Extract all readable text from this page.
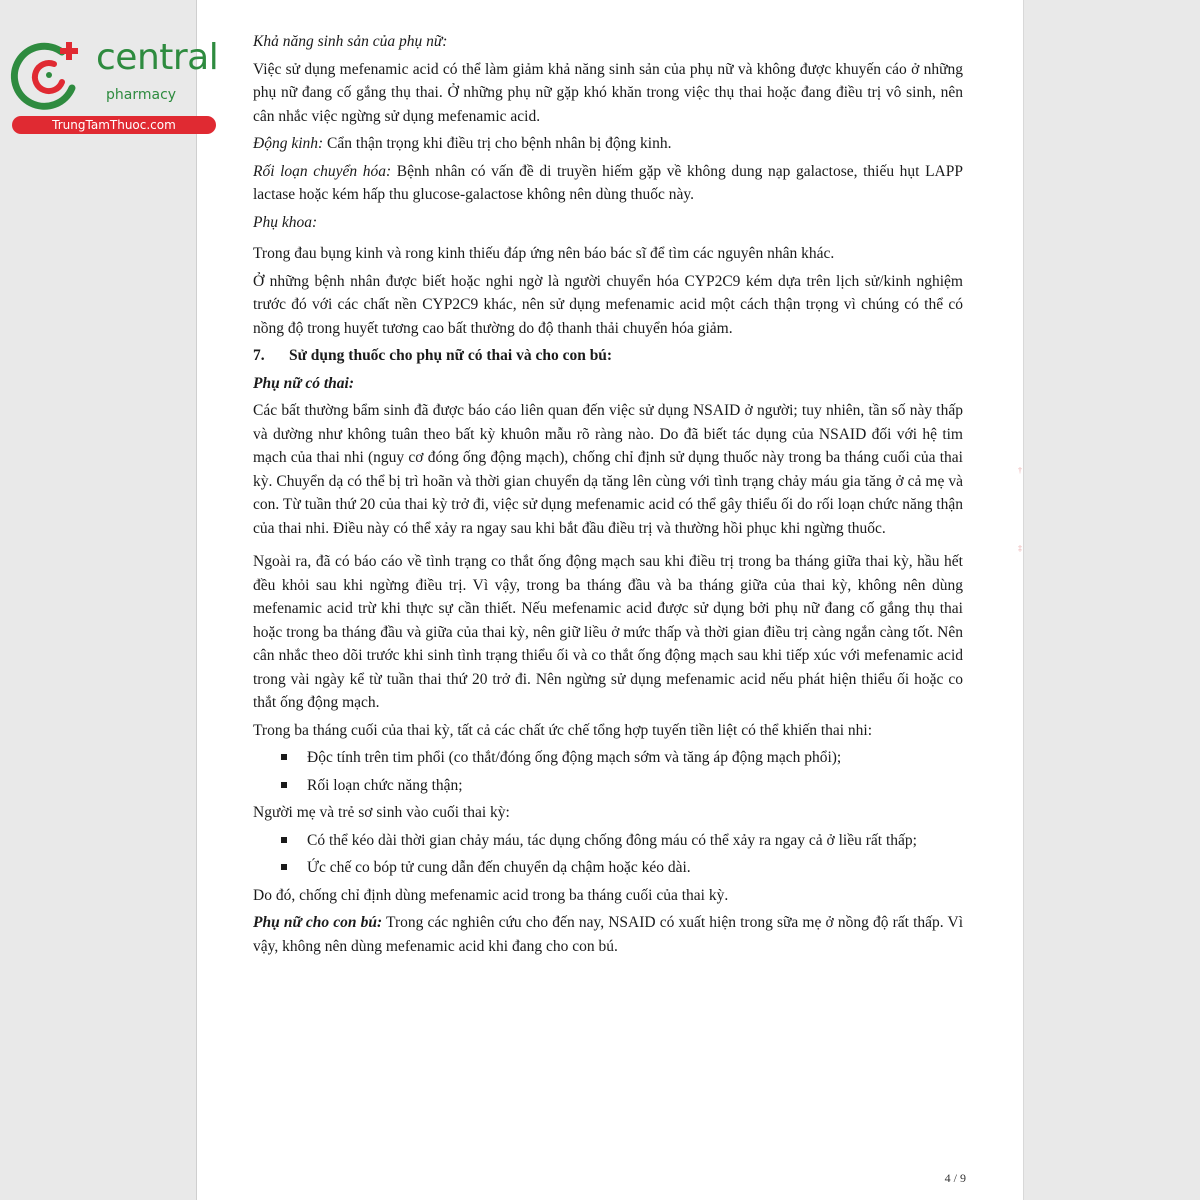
central
pharmacy
TrungTamThuoc.com
†
‡

Khả năng sinh sản của phụ nữ:

Việc sử dụng mefenamic acid có thể làm giảm khả năng sinh sản của phụ nữ và không được khuyến cáo ở những phụ nữ đang cố gắng thụ thai. Ở những phụ nữ gặp khó khăn trong việc thụ thai hoặc đang điều trị vô sinh, nên cân nhắc việc ngừng sử dụng mefenamic acid.

Động kinh: Cẩn thận trọng khi điều trị cho bệnh nhân bị động kinh.

Rối loạn chuyển hóa: Bệnh nhân có vấn đề di truyền hiếm gặp về không dung nạp galactose, thiếu hụt LAPP lactase hoặc kém hấp thu glucose-galactose không nên dùng thuốc này.

Phụ khoa:

Trong đau bụng kinh và rong kinh thiếu đáp ứng nên báo bác sĩ để tìm các nguyên nhân khác.

Ở những bệnh nhân được biết hoặc nghi ngờ là người chuyển hóa CYP2C9 kém dựa trên lịch sử/kinh nghiệm trước đó với các chất nền CYP2C9 khác, nên sử dụng mefenamic acid một cách thận trọng vì chúng có thể có nồng độ trong huyết tương cao bất thường do độ thanh thải chuyển hóa giảm.

7. Sử dụng thuốc cho phụ nữ có thai và cho con bú:

Phụ nữ có thai:

Các bất thường bẩm sinh đã được báo cáo liên quan đến việc sử dụng NSAID ở người; tuy nhiên, tần số này thấp và dường như không tuân theo bất kỳ khuôn mẫu rõ ràng nào. Do đã biết tác dụng của NSAID đối với hệ tim mạch của thai nhi (nguy cơ đóng ống động mạch), chống chỉ định sử dụng thuốc này trong ba tháng cuối của thai kỳ. Chuyển dạ có thể bị trì hoãn và thời gian chuyển dạ tăng lên cùng với tình trạng chảy máu gia tăng ở cả mẹ và con. Từ tuần thứ 20 của thai kỳ trở đi, việc sử dụng mefenamic acid có thể gây thiểu ối do rối loạn chức năng thận của thai nhi. Điều này có thể xảy ra ngay sau khi bắt đầu điều trị và thường hồi phục khi ngừng thuốc.

Ngoài ra, đã có báo cáo về tình trạng co thắt ống động mạch sau khi điều trị trong ba tháng giữa thai kỳ, hầu hết đều khỏi sau khi ngừng điều trị. Vì vậy, trong ba tháng đầu và ba tháng giữa của thai kỳ, không nên dùng mefenamic acid trừ khi thực sự cần thiết. Nếu mefenamic acid được sử dụng bởi phụ nữ đang cố gắng thụ thai hoặc trong ba tháng đầu và giữa của thai kỳ, nên giữ liều ở mức thấp và thời gian điều trị càng ngắn càng tốt. Nên cân nhắc theo dõi trước khi sinh tình trạng thiểu ối và co thắt ống động mạch sau khi tiếp xúc với mefenamic acid trong vài ngày kể từ tuần thai thứ 20 trở đi. Nên ngừng sử dụng mefenamic acid nếu phát hiện thiểu ối hoặc co thắt ống động mạch.

Trong ba tháng cuối của thai kỳ, tất cả các chất ức chế tổng hợp tuyến tiền liệt có thể khiến thai nhi:

Độc tính trên tim phổi (co thắt/đóng ống động mạch sớm và tăng áp động mạch phổi);
Rối loạn chức năng thận;

Người mẹ và trẻ sơ sinh vào cuối thai kỳ:

Có thể kéo dài thời gian chảy máu, tác dụng chống đông máu có thể xảy ra ngay cả ở liều rất thấp;
Ức chế co bóp tử cung dẫn đến chuyển dạ chậm hoặc kéo dài.

Do đó, chống chỉ định dùng mefenamic acid trong ba tháng cuối của thai kỳ.

Phụ nữ cho con bú: Trong các nghiên cứu cho đến nay, NSAID có xuất hiện trong sữa mẹ ở nồng độ rất thấp. Vì vậy, không nên dùng mefenamic acid khi đang cho con bú.

4 / 9
